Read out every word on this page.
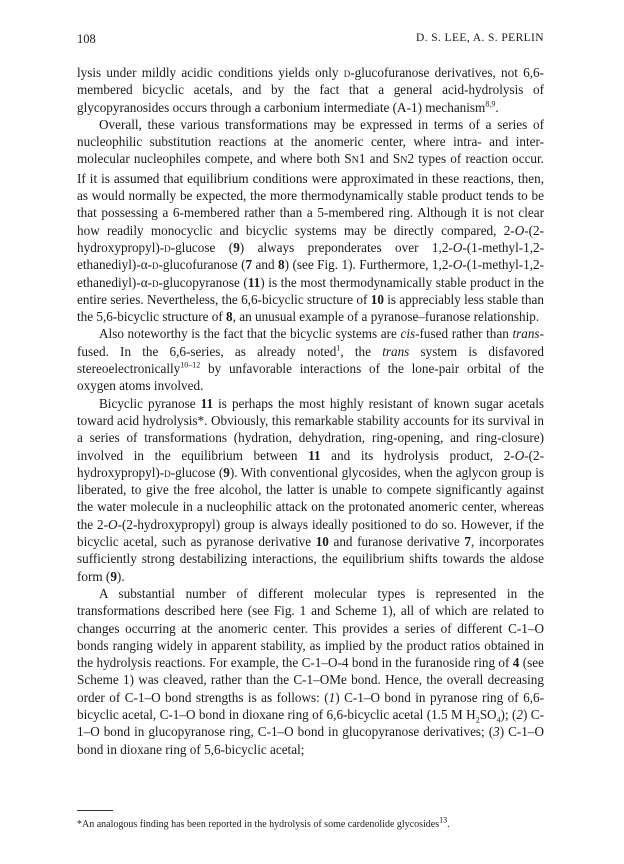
108	D. S. LEE, A. S. PERLIN

lysis under mildly acidic conditions yields only d-glucofuranose derivatives, not 6,6-membered bicyclic acetals, and by the fact that a general acid-hydrolysis of glycopyranosides occurs through a carbonium intermediate (A-1) mechanism$^{8,9}$.

Overall, these various transformations may be expressed in terms of a series of nucleophilic substitution reactions at the anomeric center, where intra- and inter-molecular nucleophiles compete, and where both SN1 and SN2 types of reaction occur. If it is assumed that equilibrium conditions were approximated in these reactions, then, as would normally be expected, the more thermodynamically stable product tends to be that possessing a 6-membered rather than a 5-membered ring. Although it is not clear how readily monocyclic and bicyclic systems may be directly compared, 2-O-(2-hydroxypropyl)-d-glucose (9) always preponderates over 1,2-O-(1-methyl-1,2-ethanediyl)-α-d-glucofuranose (7 and 8) (see Fig. 1). Furthermore, 1,2-O-(1-methyl-1,2-ethanediyl)-α-d-glucopyranose (11) is the most thermodynamically stable product in the entire series. Nevertheless, the 6,6-bicyclic structure of 10 is appreciably less stable than the 5,6-bicyclic structure of 8, an unusual example of a pyranose–furanose relationship.

Also noteworthy is the fact that the bicyclic systems are cis-fused rather than trans-fused. In the 6,6-series, as already noted$^1$, the trans system is disfavored stereoelectronically$^{10-12}$ by unfavorable interactions of the lone-pair orbital of the oxygen atoms involved.

Bicyclic pyranose 11 is perhaps the most highly resistant of known sugar acetals toward acid hydrolysis*. Obviously, this remarkable stability accounts for its survival in a series of transformations (hydration, dehydration, ring-opening, and ring-closure) involved in the equilibrium between 11 and its hydrolysis product, 2-O-(2-hydroxypropyl)-d-glucose (9). With conventional glycosides, when the aglycon group is liberated, to give the free alcohol, the latter is unable to compete significantly against the water molecule in a nucleophilic attack on the protonated anomeric center, whereas the 2-O-(2-hydroxypropyl) group is always ideally positioned to do so. However, if the bicyclic acetal, such as pyranose derivative 10 and furanose derivative 7, incorporates sufficiently strong destabilizing interactions, the equilibrium shifts towards the aldose form (9).

A substantial number of different molecular types is represented in the transformations described here (see Fig. 1 and Scheme 1), all of which are related to changes occurring at the anomeric center. This provides a series of different C-1–O bonds ranging widely in apparent stability, as implied by the product ratios obtained in the hydrolysis reactions. For example, the C-1–O-4 bond in the furanoside ring of 4 (see Scheme 1) was cleaved, rather than the C-1–OMe bond. Hence, the overall decreasing order of C-1–O bond strengths is as follows: (1) C-1–O bond in pyranose ring of 6,6-bicyclic acetal, C-1–O bond in dioxane ring of 6,6-bicyclic acetal (1.5 M $H_2SO_4$); (2) C-1–O bond in glucopyranose ring, C-1–O bond in glucopyranose derivatives; (3) C-1–O bond in dioxane ring of 5,6-bicyclic acetal;

*An analogous finding has been reported in the hydrolysis of some cardenolide glycosides$^{13}$.
